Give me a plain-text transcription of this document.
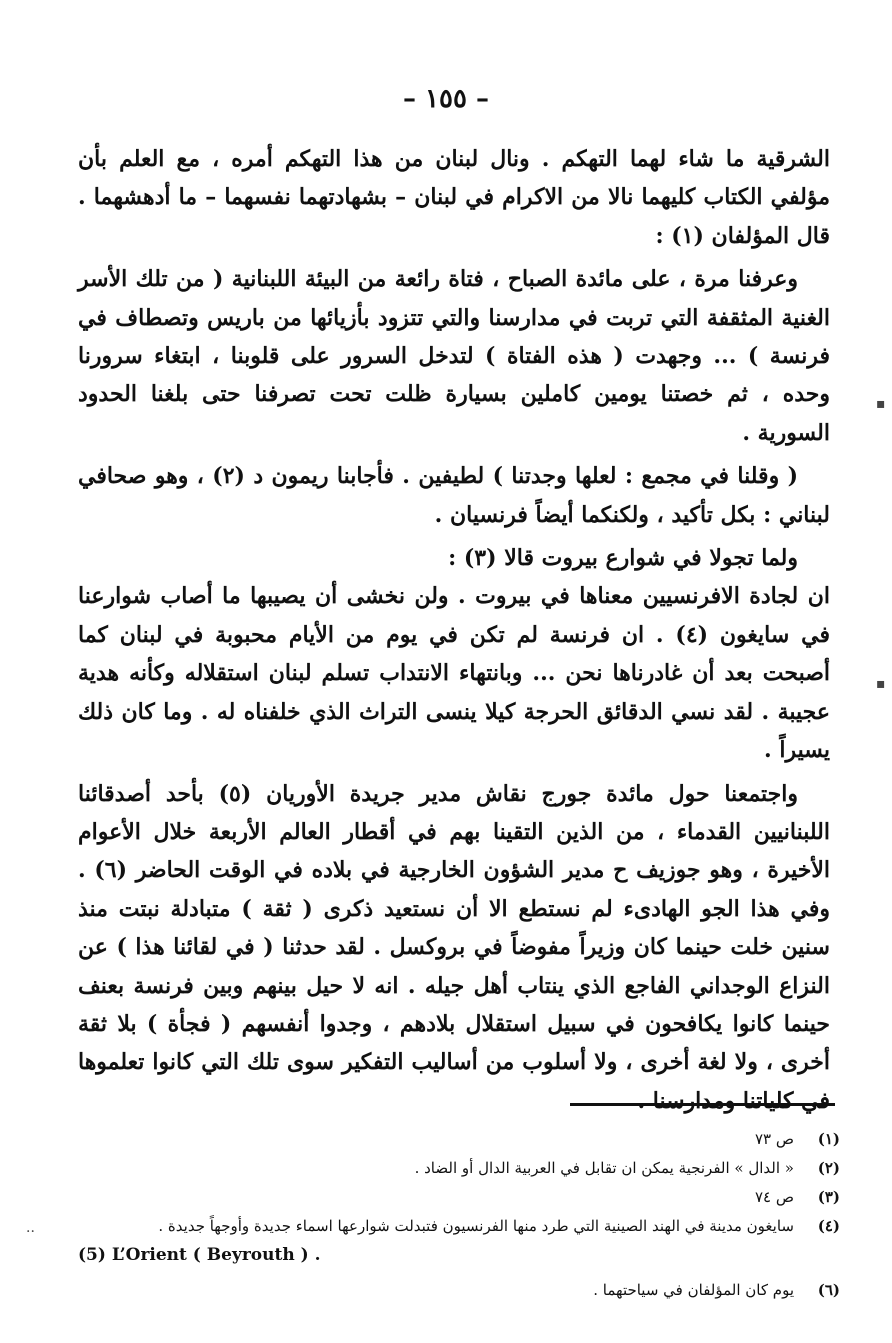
– ١٥٥ –

الشرقية ما شاء لهما التهكم . ونال لبنان من هذا التهكم أمره ، مع العلم بأن مؤلفي الكتاب كليهما نالا من الاكرام في لبنان – بشهادتهما نفسهما – ما أدهشهما . قال المؤلفان (١) :

وعرفنا مرة ، على مائدة الصباح ، فتاة رائعة من البيئة اللبنانية ( من تلك الأسر الغنية المثقفة التي تربت في مدارسنا والتي تتزود بأزيائها من باريس وتصطاف في فرنسة ) ... وجهدت ( هذه الفتاة ) لتدخل السرور على قلوبنا ، ابتغاء سرورنا وحده ، ثم خصتنا يومين كاملين بسيارة ظلت تحت تصرفنا حتى بلغنا الحدود السورية .

( وقلنا في مجمع : لعلها وجدتنا ) لطيفين . فأجابنا ريمون د (٢) ، وهو صحافي لبناني : بكل تأكيد ، ولكنكما أيضاً فرنسيان .

ولما تجولا في شوارع بيروت قالا (٣) :

ان لجادة الافرنسيين معناها في بيروت . ولن نخشى أن يصيبها ما أصاب شوارعنا في سايغون (٤) . ان فرنسة لم تكن في يوم من الأيام محبوبة في لبنان كما أصبحت بعد أن غادرناها نحن ... وبانتهاء الانتداب تسلم لبنان استقلاله وكأنه هدية عجيبة . لقد نسي الدقائق الحرجة كيلا ينسى التراث الذي خلفناه له . وما كان ذلك يسيراً .

واجتمعنا حول مائدة جورج نقاش مدير جريدة الأوريان (٥) بأحد أصدقائنا اللبنانيين القدماء ، من الذين التقينا بهم في أقطار العالم الأربعة خلال الأعوام الأخيرة ، وهو جوزيف ح مدير الشؤون الخارجية في بلاده في الوقت الحاضر (٦) . وفي هذا الجو الهادىء لم نستطع الا أن نستعيد ذكرى ( ثقة ) متبادلة نبتت منذ سنين خلت حينما كان وزيراً مفوضاً في بروكسل . لقد حدثنا ( في لقائنا هذا ) عن النزاع الوجداني الفاجع الذي ينتاب أهل جيله . انه لا حيل بينهم وبين فرنسة بعنف حينما كانوا يكافحون في سبيل استقلال بلادهم ، وجدوا أنفسهم ( فجأة ) بلا ثقة أخرى ، ولا لغة أخرى ، ولا أسلوب من أساليب التفكير سوى تلك التي كانوا تعلموها في كلياتنا ومدارسنا .

(١)
ص ٧٣
(٢)
« الدال » الفرنجية يمكن ان تقابل في العربية الدال أو الضاد .
(٣)
ص ٧٤
(٤)
سايغون مدينة في الهند الصينية التي طرد منها الفرنسيون فتبدلت شوارعها اسماء جديدة وأوجهاً جديدة .
(5) L’Orient ( Beyrouth ) .
(٦)
يوم كان المؤلفان في سياحتهما .
▪
▪
··
